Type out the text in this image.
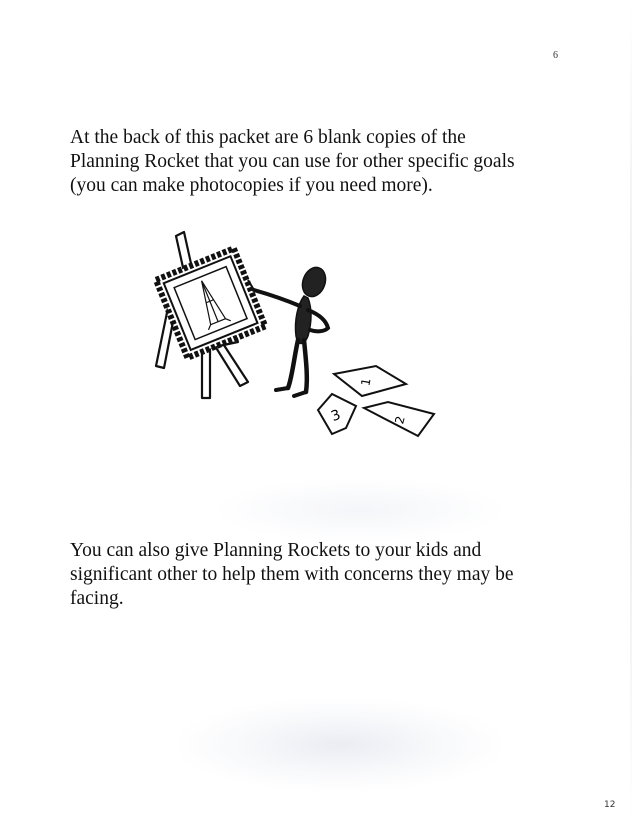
6

At the back of this packet are 6 blank copies of the
Planning Rocket that you can use for other specific goals
(you can make photocopies if you need more).

1
3	2

You can also give Planning Rockets to your kids and
significant other to help them with concerns they may be
facing.

12
